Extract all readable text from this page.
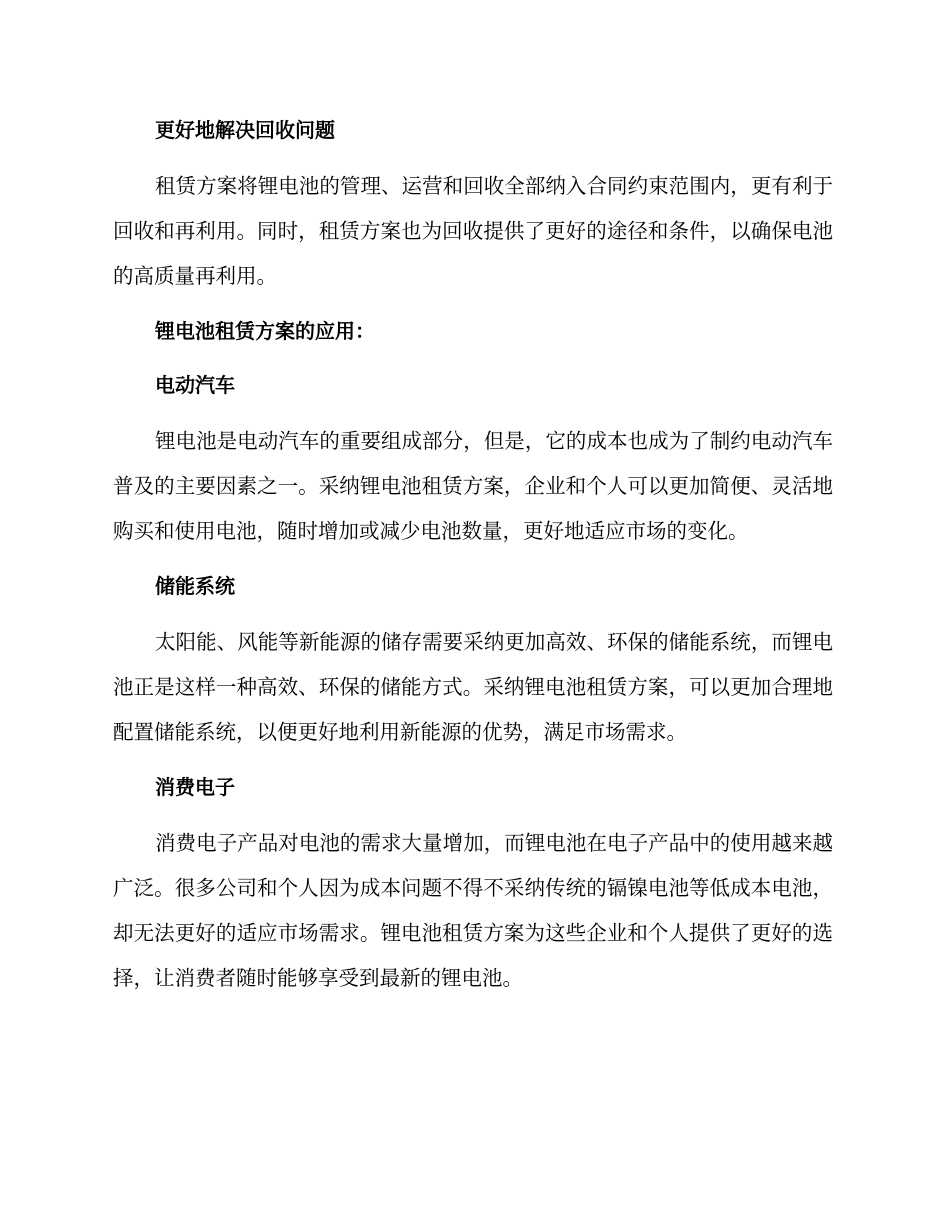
更好地解决回收问题

租赁方案将锂电池的管理、运营和回收全部纳入合同约束范围内，更有利于回收和再利用。同时，租赁方案也为回收提供了更好的途径和条件，以确保电池的高质量再利用。

锂电池租赁方案的应用：
电动汽车

锂电池是电动汽车的重要组成部分，但是，它的成本也成为了制约电动汽车普及的主要因素之一。采纳锂电池租赁方案，企业和个人可以更加简便、灵活地购买和使用电池，随时增加或减少电池数量，更好地适应市场的变化。

储能系统

太阳能、风能等新能源的储存需要采纳更加高效、环保的储能系统，而锂电池正是这样一种高效、环保的储能方式。采纳锂电池租赁方案，可以更加合理地配置储能系统，以便更好地利用新能源的优势，满足市场需求。

消费电子

消费电子产品对电池的需求大量增加，而锂电池在电子产品中的使用越来越广泛。很多公司和个人因为成本问题不得不采纳传统的镉镍电池等低成本电池，却无法更好的适应市场需求。锂电池租赁方案为这些企业和个人提供了更好的选择，让消费者随时能够享受到最新的锂电池。
